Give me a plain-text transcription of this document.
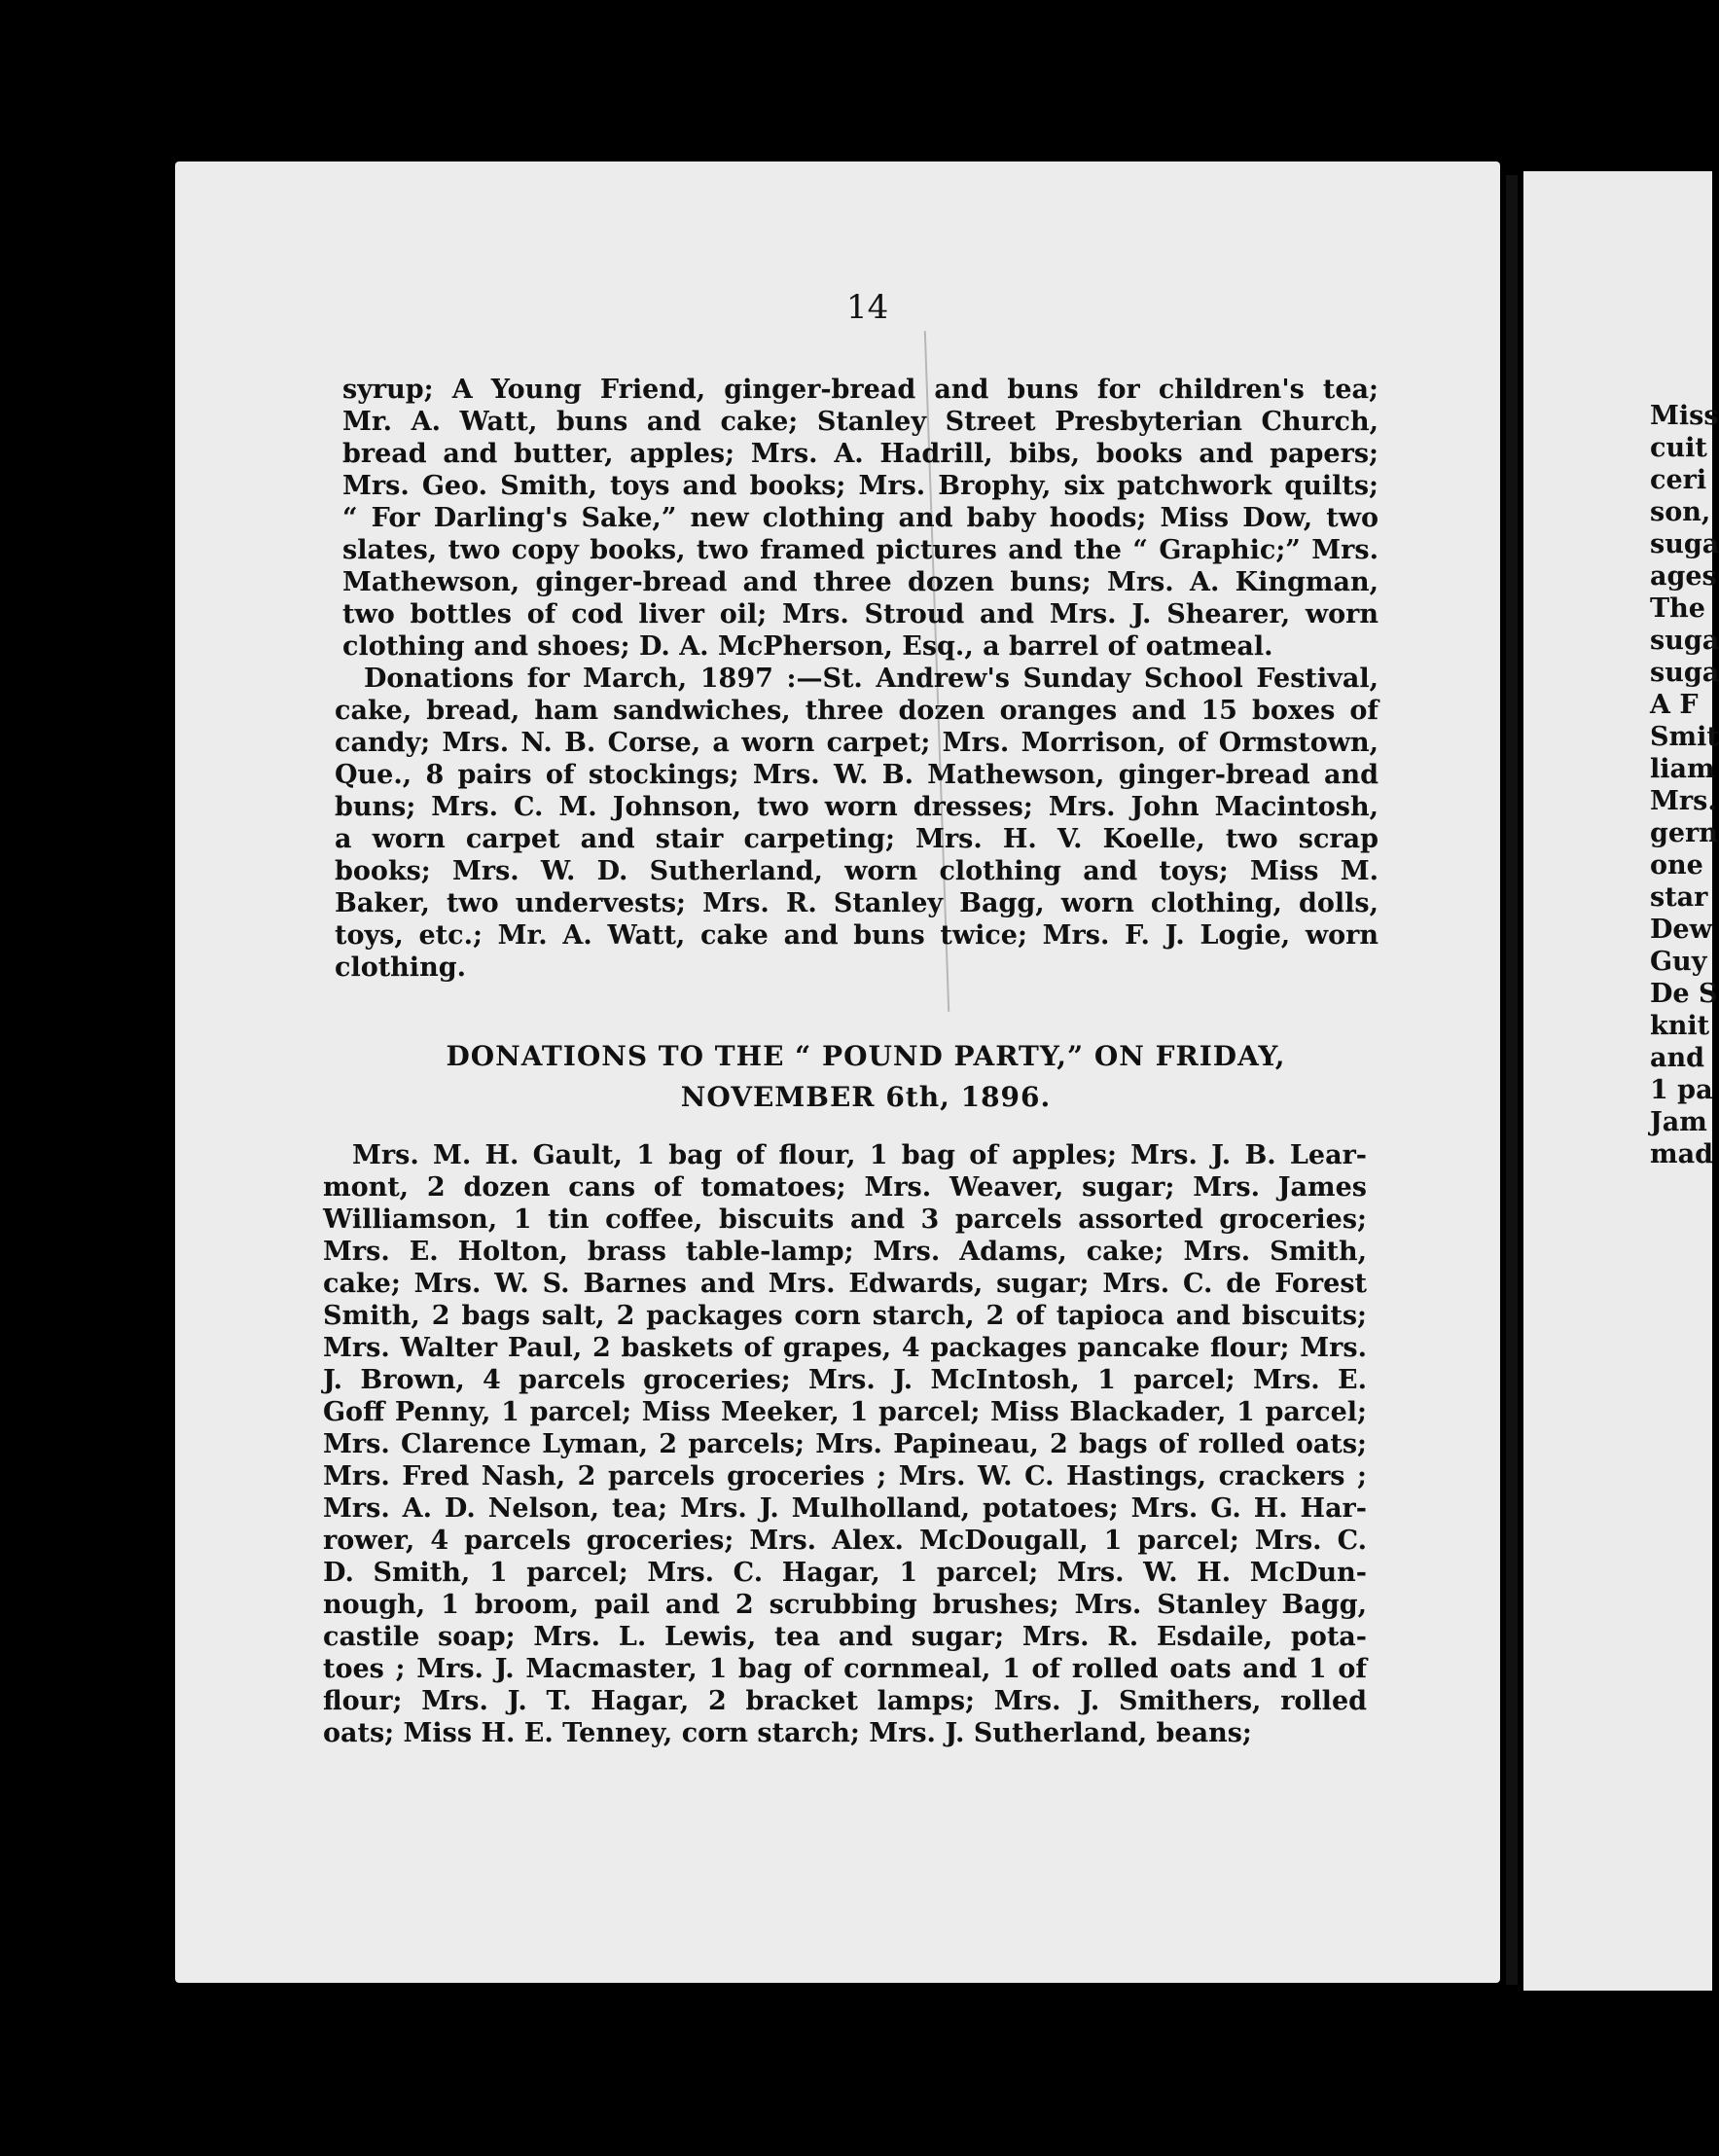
Miss
cuit
ceri
son,
suga
ages
The
suga
suga
A F
Smit
liam
Mrs.
gern
one
star
Dew
Guy
De S
knit
and
1 pa
Jam
mad
14
syrup; A Young Friend, ginger-bread and buns for children's tea;
Mr. A. Watt, buns and cake; Stanley Street Presbyterian Church,
bread and butter, apples; Mrs. A. Hadrill, bibs, books and papers;
Mrs. Geo. Smith, toys and books; Mrs. Brophy, six patchwork quilts;
“ For Darling's Sake,” new clothing and baby hoods; Miss Dow, two
slates, two copy books, two framed pictures and the “ Graphic;” Mrs.
Mathewson, ginger-bread and three dozen buns; Mrs. A. Kingman,
two bottles of cod liver oil; Mrs. Stroud and Mrs. J. Shearer, worn
clothing and shoes; D. A. McPherson, Esq., a barrel of oatmeal.
Donations for March, 1897 :—St. Andrew's Sunday School Festival,
cake, bread, ham sandwiches, three dozen oranges and 15 boxes of
candy; Mrs. N. B. Corse, a worn carpet; Mrs. Morrison, of Ormstown,
Que., 8 pairs of stockings; Mrs. W. B. Mathewson, ginger-bread and
buns; Mrs. C. M. Johnson, two worn dresses; Mrs. John Macintosh,
a worn carpet and stair carpeting; Mrs. H. V. Koelle, two scrap
books; Mrs. W. D. Sutherland, worn clothing and toys; Miss M.
Baker, two undervests; Mrs. R. Stanley Bagg, worn clothing, dolls,
toys, etc.; Mr. A. Watt, cake and buns twice; Mrs. F. J. Logie, worn
clothing.
DONATIONS TO THE “ POUND PARTY,” ON FRIDAY,
NOVEMBER 6th, 1896.
Mrs. M. H. Gault, 1 bag of flour, 1 bag of apples; Mrs. J. B. Lear-
mont, 2 dozen cans of tomatoes; Mrs. Weaver, sugar; Mrs. James
Williamson, 1 tin coffee, biscuits and 3 parcels assorted groceries;
Mrs. E. Holton, brass table-lamp; Mrs. Adams, cake; Mrs. Smith,
cake; Mrs. W. S. Barnes and Mrs. Edwards, sugar; Mrs. C. de Forest
Smith, 2 bags salt, 2 packages corn starch, 2 of tapioca and biscuits;
Mrs. Walter Paul, 2 baskets of grapes, 4 packages pancake flour; Mrs.
J. Brown, 4 parcels groceries; Mrs. J. McIntosh, 1 parcel; Mrs. E.
Goff Penny, 1 parcel; Miss Meeker, 1 parcel; Miss Blackader, 1 parcel;
Mrs. Clarence Lyman, 2 parcels; Mrs. Papineau, 2 bags of rolled oats;
Mrs. Fred Nash, 2 parcels groceries ; Mrs. W. C. Hastings, crackers ;
Mrs. A. D. Nelson, tea; Mrs. J. Mulholland, potatoes; Mrs. G. H. Har-
rower, 4 parcels groceries; Mrs. Alex. McDougall, 1 parcel; Mrs. C.
D. Smith, 1 parcel; Mrs. C. Hagar, 1 parcel; Mrs. W. H. McDun-
nough, 1 broom, pail and 2 scrubbing brushes; Mrs. Stanley Bagg,
castile soap; Mrs. L. Lewis, tea and sugar; Mrs. R. Esdaile, pota-
toes ; Mrs. J. Macmaster, 1 bag of cornmeal, 1 of rolled oats and 1 of
flour; Mrs. J. T. Hagar, 2 bracket lamps; Mrs. J. Smithers, rolled
oats; Miss H. E. Tenney, corn starch; Mrs. J. Sutherland, beans;
